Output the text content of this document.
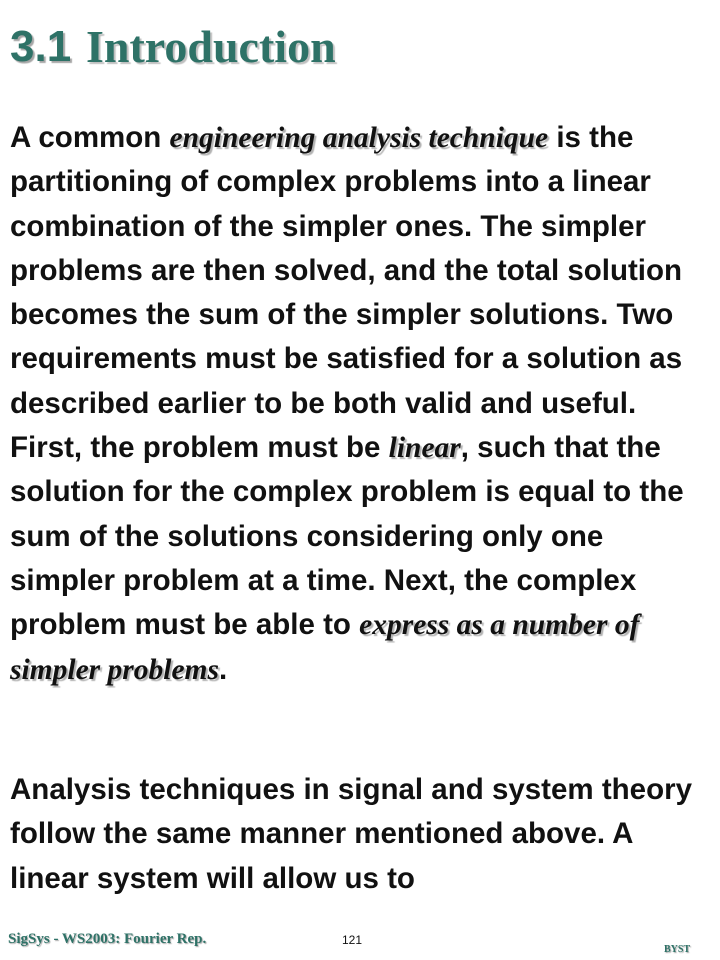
3.1 Introduction

A common engineering analysis technique is the partitioning of complex problems into a linear combination of the simpler ones. The simpler problems are then solved, and the total solution becomes the sum of the simpler solutions. Two requirements must be satisfied for a solution as described earlier to be both valid and useful. First, the problem must be linear, such that the solution for the complex problem is equal to the sum of the solutions considering only one simpler problem at a time. Next, the complex problem must be able to express as a number of simpler problems.

Analysis techniques in signal and system theory follow the same manner mentioned above. A linear system will allow us to

SigSys - WS2003: Fourier Rep.	121
BYST
